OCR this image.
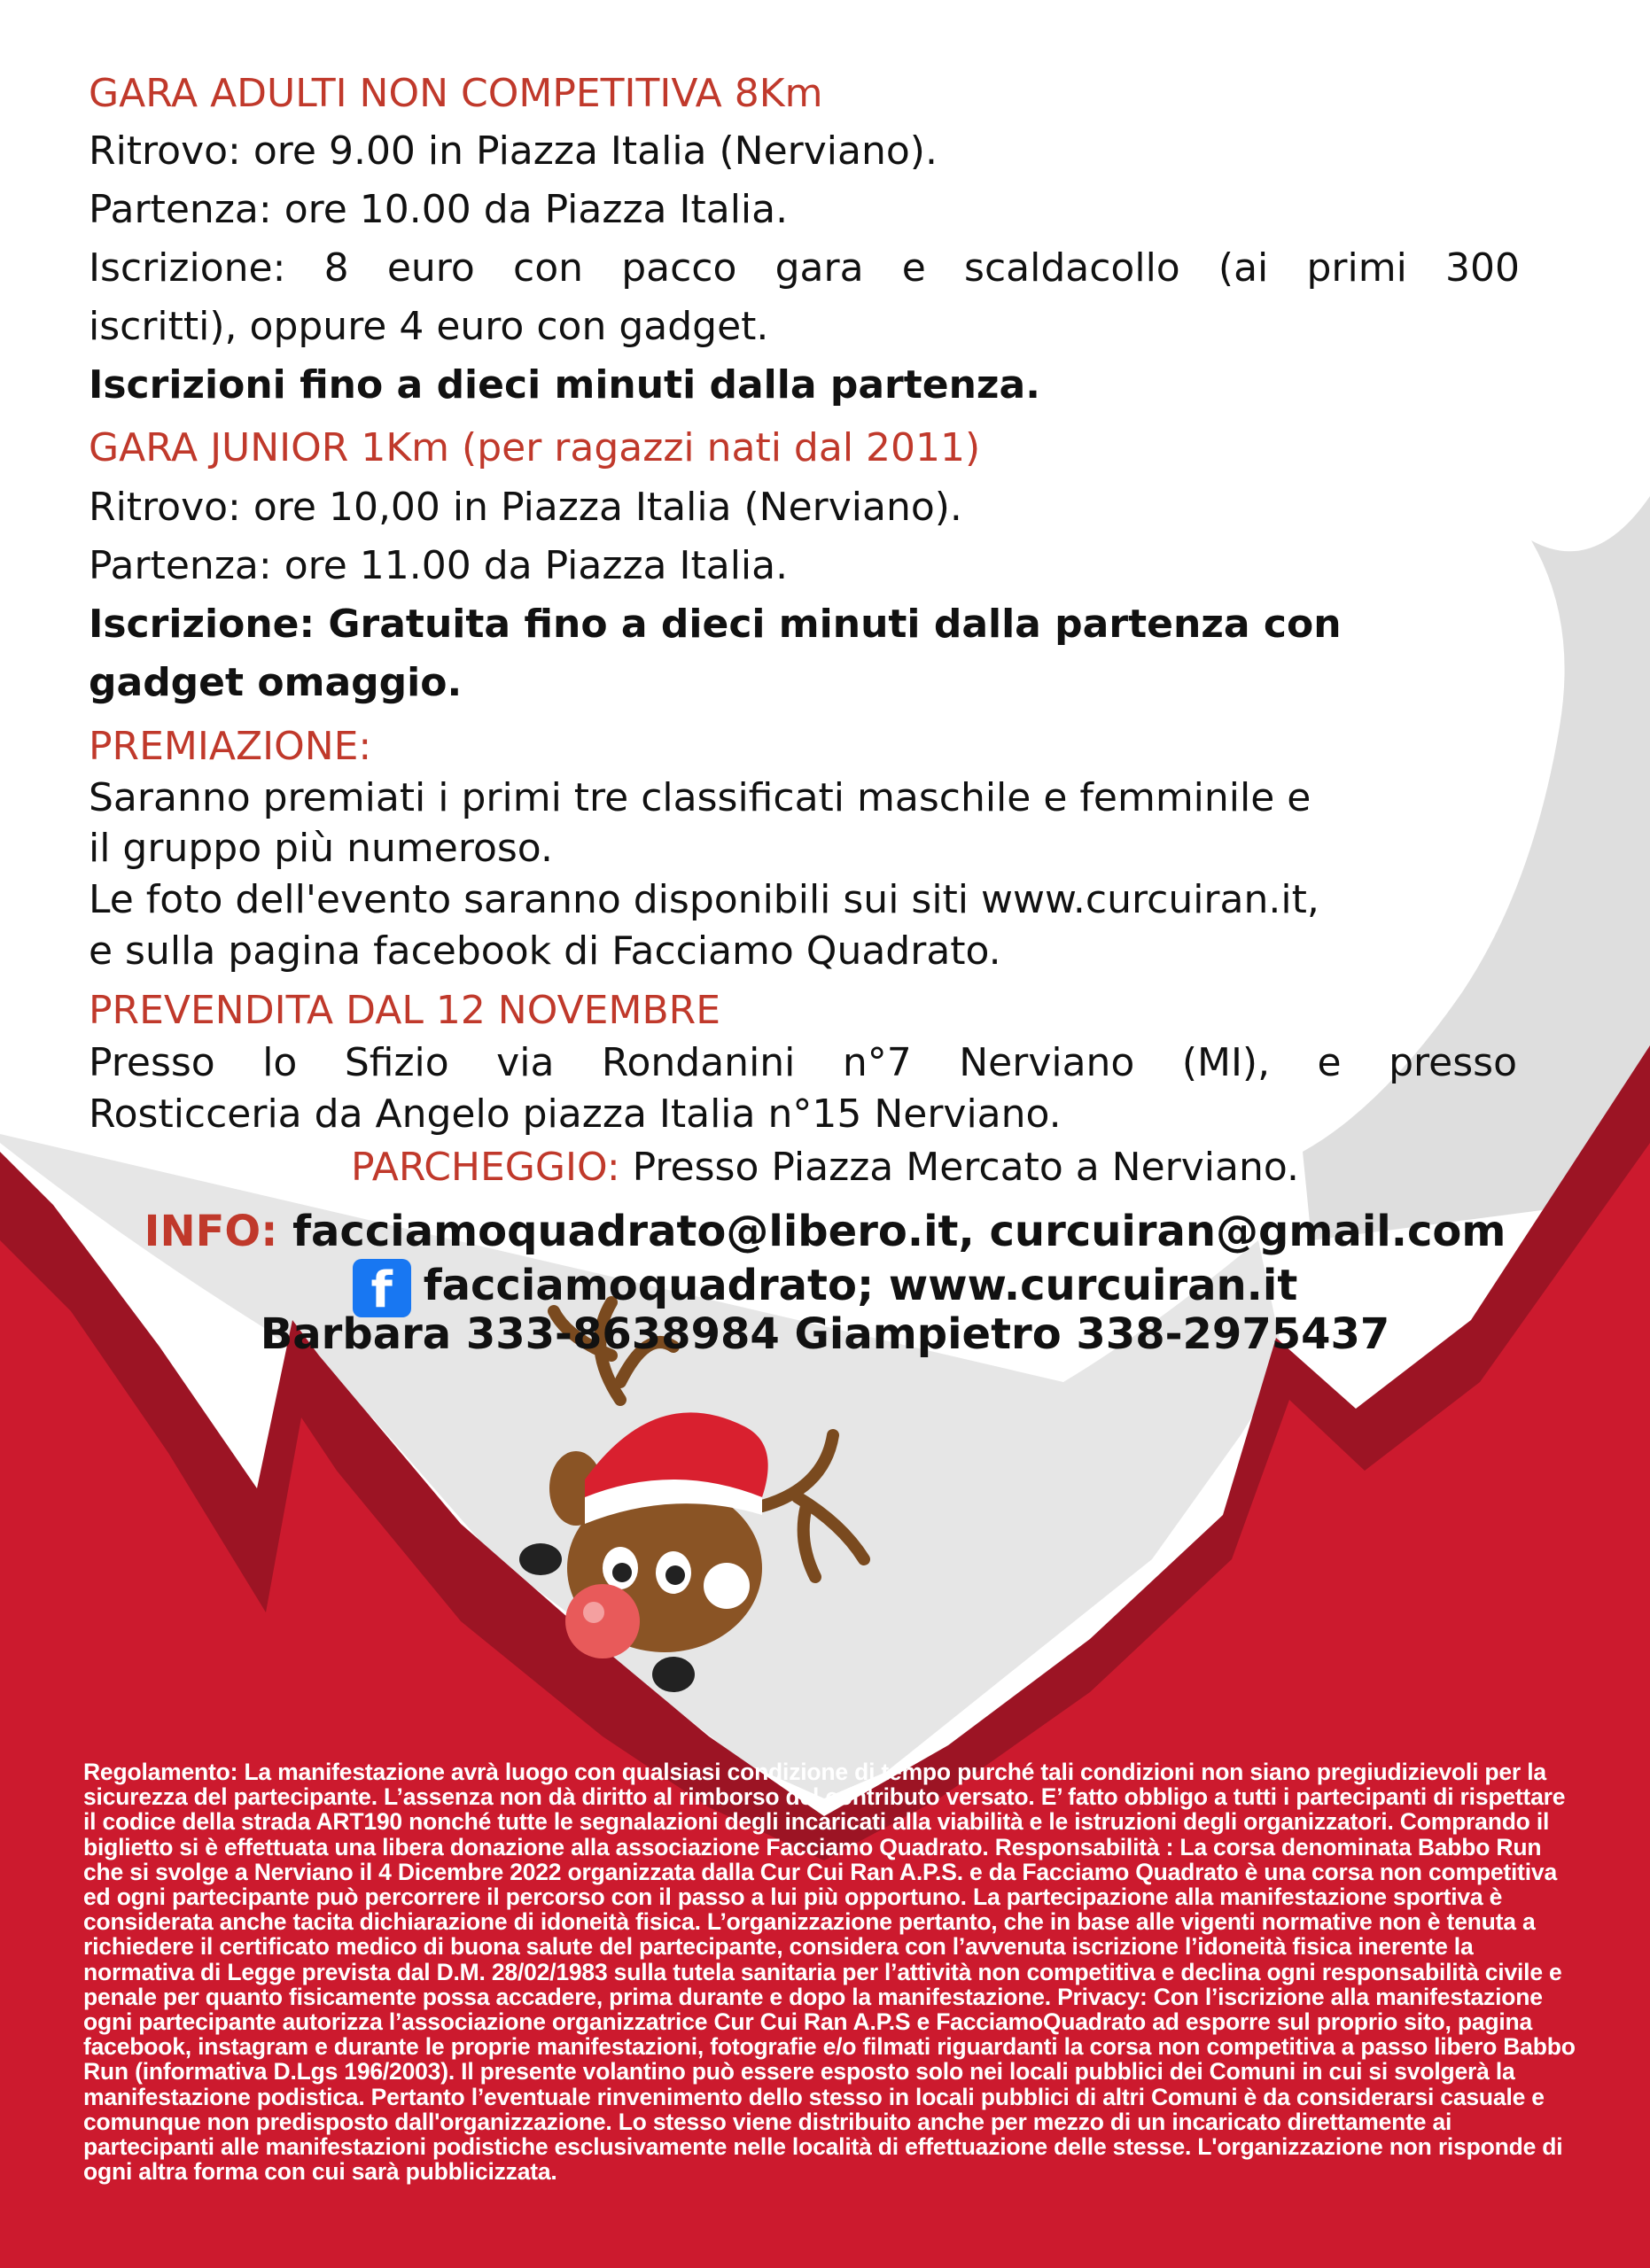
GARA ADULTI NON COMPETITIVA 8Km
Ritrovo: ore 9.00 in Piazza Italia (Nerviano).
Partenza: ore 10.00 da Piazza Italia.
Iscrizione: 8 euro con pacco gara e scaldacollo (ai primi 300
iscritti), oppure 4 euro con gadget.
Iscrizioni fino a dieci minuti dalla partenza.
GARA JUNIOR 1Km (per ragazzi nati dal 2011)
Ritrovo: ore 10,00 in Piazza Italia (Nerviano).
Partenza: ore 11.00 da Piazza Italia.
Iscrizione: Gratuita fino a dieci minuti dalla partenza con
gadget omaggio.
PREMIAZIONE:
Saranno premiati i primi tre classificati maschile e femminile e
il gruppo più numeroso.
Le foto dell'evento saranno disponibili sui siti www.curcuiran.it,
e sulla pagina facebook di Facciamo Quadrato.
PREVENDITA DAL 12 NOVEMBRE
Presso lo Sfizio via Rondanini n°7 Nerviano (MI), e presso
Rosticceria da Angelo piazza Italia n°15 Nerviano.
PARCHEGGIO: Presso Piazza Mercato a Nerviano.
INFO: facciamoquadrato@libero.it, curcuiran@gmail.com
f facciamoquadrato; www.curcuiran.it
Barbara 333-8638984 Giampietro 338-2975437
Regolamento: La manifestazione avrà luogo con qualsiasi condizione di tempo purché tali condizioni non siano pregiudizievoli per la sicurezza del partecipante. L’assenza non dà diritto al rimborso del contributo versato. E’ fatto obbligo a tutti i partecipanti di rispettare il codice della strada ART190 nonché tutte le segnalazioni degli incaricati alla viabilità e le istruzioni degli organizzatori. Comprando il biglietto si è effettuata una libera donazione alla associazione Facciamo Quadrato. Responsabilità : La corsa denominata Babbo Run che si svolge a Nerviano il 4 Dicembre 2022 organizzata dalla Cur Cui Ran A.P.S. e da Facciamo Quadrato è una corsa non competitiva ed ogni partecipante può percorrere il percorso con il passo a lui più opportuno. La partecipazione alla manifestazione sportiva è considerata anche tacita dichiarazione di idoneità fisica. L’organizzazione pertanto, che in base alle vigenti normative non è tenuta a richiedere il certificato medico di buona salute del partecipante, considera con l’avvenuta iscrizione l’idoneità fisica inerente la normativa di Legge prevista dal D.M. 28/02/1983 sulla tutela sanitaria per l’attività non competitiva e declina ogni responsabilità civile e penale per quanto fisicamente possa accadere, prima durante e dopo la manifestazione. Privacy: Con l’iscrizione alla manifestazione ogni partecipante autorizza l’associazione organizzatrice Cur Cui Ran A.P.S e FacciamoQuadrato ad esporre sul proprio sito, pagina facebook, instagram e durante le proprie manifestazioni, fotografie e/o filmati riguardanti la corsa non competitiva a passo libero Babbo Run (informativa D.Lgs 196/2003). Il presente volantino può essere esposto solo nei locali pubblici dei Comuni in cui si svolgerà la manifestazione podistica. Pertanto l’eventuale rinvenimento dello stesso in locali pubblici di altri Comuni è da considerarsi casuale e comunque non predisposto dall'organizzazione. Lo stesso viene distribuito anche per mezzo di un incaricato direttamente ai partecipanti alle manifestazioni podistiche esclusivamente nelle località di effettuazione delle stesse. L'organizzazione non risponde di ogni altra forma con cui sarà pubblicizzata.
